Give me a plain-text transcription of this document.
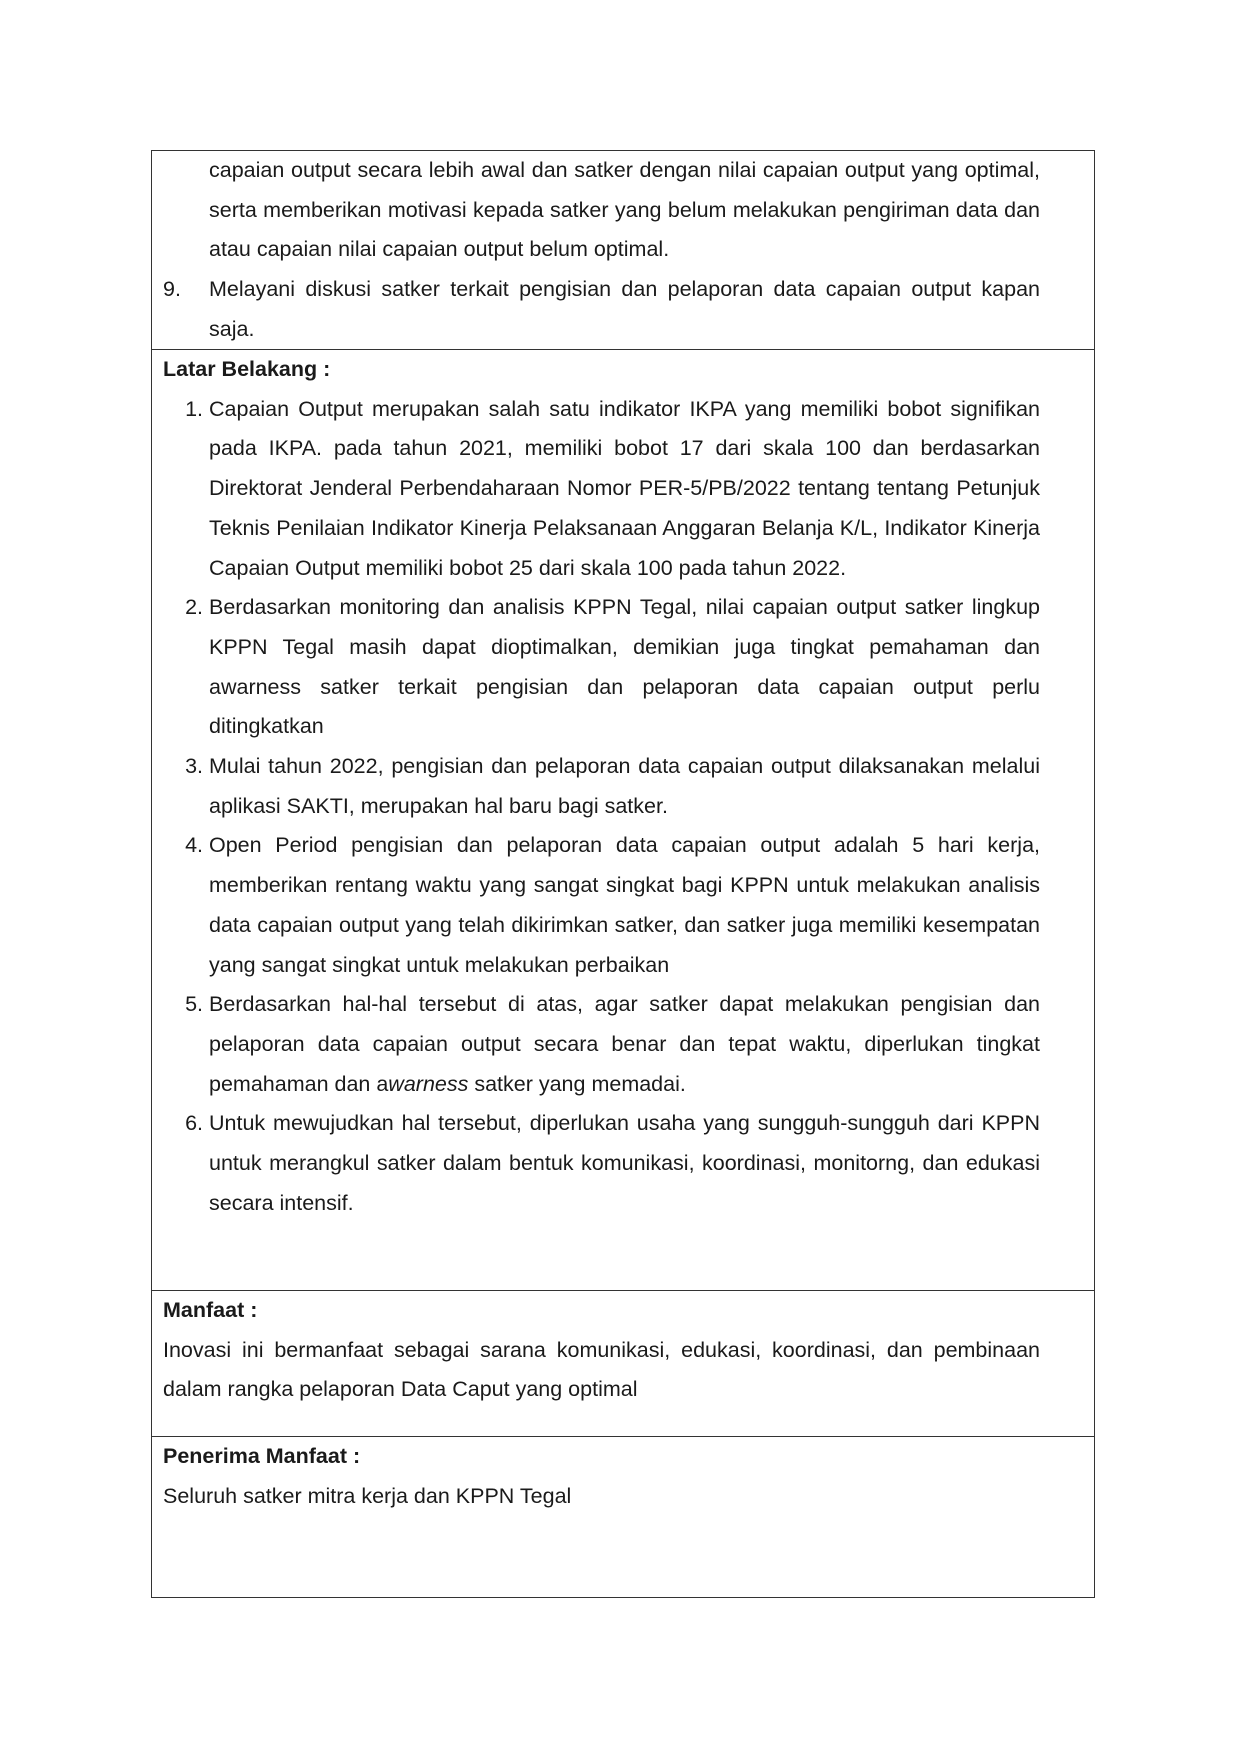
capaian output secara lebih awal dan satker dengan nilai capaian output yang optimal, serta memberikan motivasi kepada satker yang belum melakukan pengiriman data dan atau capaian nilai capaian output belum optimal.
9.	Melayani diskusi satker terkait pengisian dan pelaporan data capaian output kapan saja.

Latar Belakang :

1. Capaian Output merupakan salah satu indikator IKPA yang memiliki bobot signifikan pada IKPA. pada tahun 2021, memiliki bobot 17 dari skala 100 dan berdasarkan Direktorat Jenderal Perbendaharaan Nomor PER-5/PB/2022 tentang tentang Petunjuk Teknis Penilaian Indikator Kinerja Pelaksanaan Anggaran Belanja K/L, Indikator Kinerja Capaian Output memiliki bobot 25 dari skala 100 pada tahun 2022.
2. Berdasarkan monitoring dan analisis KPPN Tegal, nilai capaian output satker lingkup KPPN Tegal masih dapat dioptimalkan, demikian juga tingkat pemahaman dan awarness satker terkait pengisian dan pelaporan data capaian output perlu ditingkatkan
3. Mulai tahun 2022, pengisian dan pelaporan data capaian output dilaksanakan melalui aplikasi SAKTI, merupakan hal baru bagi satker.
4. Open Period pengisian dan pelaporan data capaian output adalah 5 hari kerja, memberikan rentang waktu yang sangat singkat bagi KPPN untuk melakukan analisis data capaian output yang telah dikirimkan satker, dan satker juga memiliki kesempatan yang sangat singkat untuk melakukan perbaikan
5. Berdasarkan hal-hal tersebut di atas, agar satker dapat melakukan pengisian dan pelaporan data capaian output secara benar dan tepat waktu, diperlukan tingkat pemahaman dan awarness satker yang memadai.
6. Untuk mewujudkan hal tersebut, diperlukan usaha yang sungguh-sungguh dari KPPN untuk merangkul satker dalam bentuk komunikasi, koordinasi, monitorng, dan edukasi secara intensif.

Manfaat :

Inovasi ini bermanfaat sebagai sarana komunikasi, edukasi, koordinasi, dan pembinaan dalam rangka pelaporan Data Caput yang optimal

Penerima Manfaat :

Seluruh satker mitra kerja dan KPPN Tegal
